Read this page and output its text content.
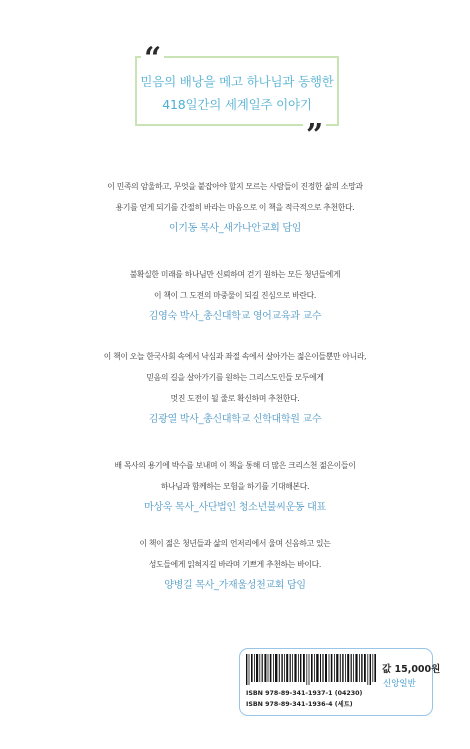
“
”
믿음의 배낭을 메고 하나님과 동행한
418일간의 세계일주 이야기
이 민족의 암울하고, 무엇을 붙잡아야 할지 모르는 사람들이 진정한 삶의 소망과
용기를 얻게 되기를 간절히 바라는 마음으로 이 책을 적극적으로 추천한다.
이기동 목사_새가나안교회 담임
불확실한 미래를 하나님만 신뢰하며 걷기 원하는 모든 청년들에게
이 책이 그 도전의 마중물이 되길 진심으로 바란다.
김영숙 박사_총신대학교 영어교육과 교수
이 책이 오늘 한국사회 속에서 낙심과 좌절 속에서 살아가는 젊은이들뿐만 아니라,
믿음의 길을 살아가기를 원하는 그리스도인들 모두에게
멋진 도전이 될 줄로 확신하며 추천한다.
김광열 박사_총신대학교 신학대학원 교수
배 목사의 용기에 박수를 보내며 이 책을 통해 더 많은 크리스천 젊은이들이
하나님과 함께하는 모험을 하기를 기대해본다.
마상욱 목사_사단법인 청소년불씨운동 대표
이 책이 젊은 청년들과 삶의 언저리에서 울며 신음하고 있는
성도들에게 읽혀지길 바라며 기쁘게 추천하는 바이다.
양병길 목사_가재울성천교회 담임
값 15,000원
신앙일반
ISBN 978-89-341-1937-1 (04230)
ISBN 978-89-341-1936-4 (세트)
